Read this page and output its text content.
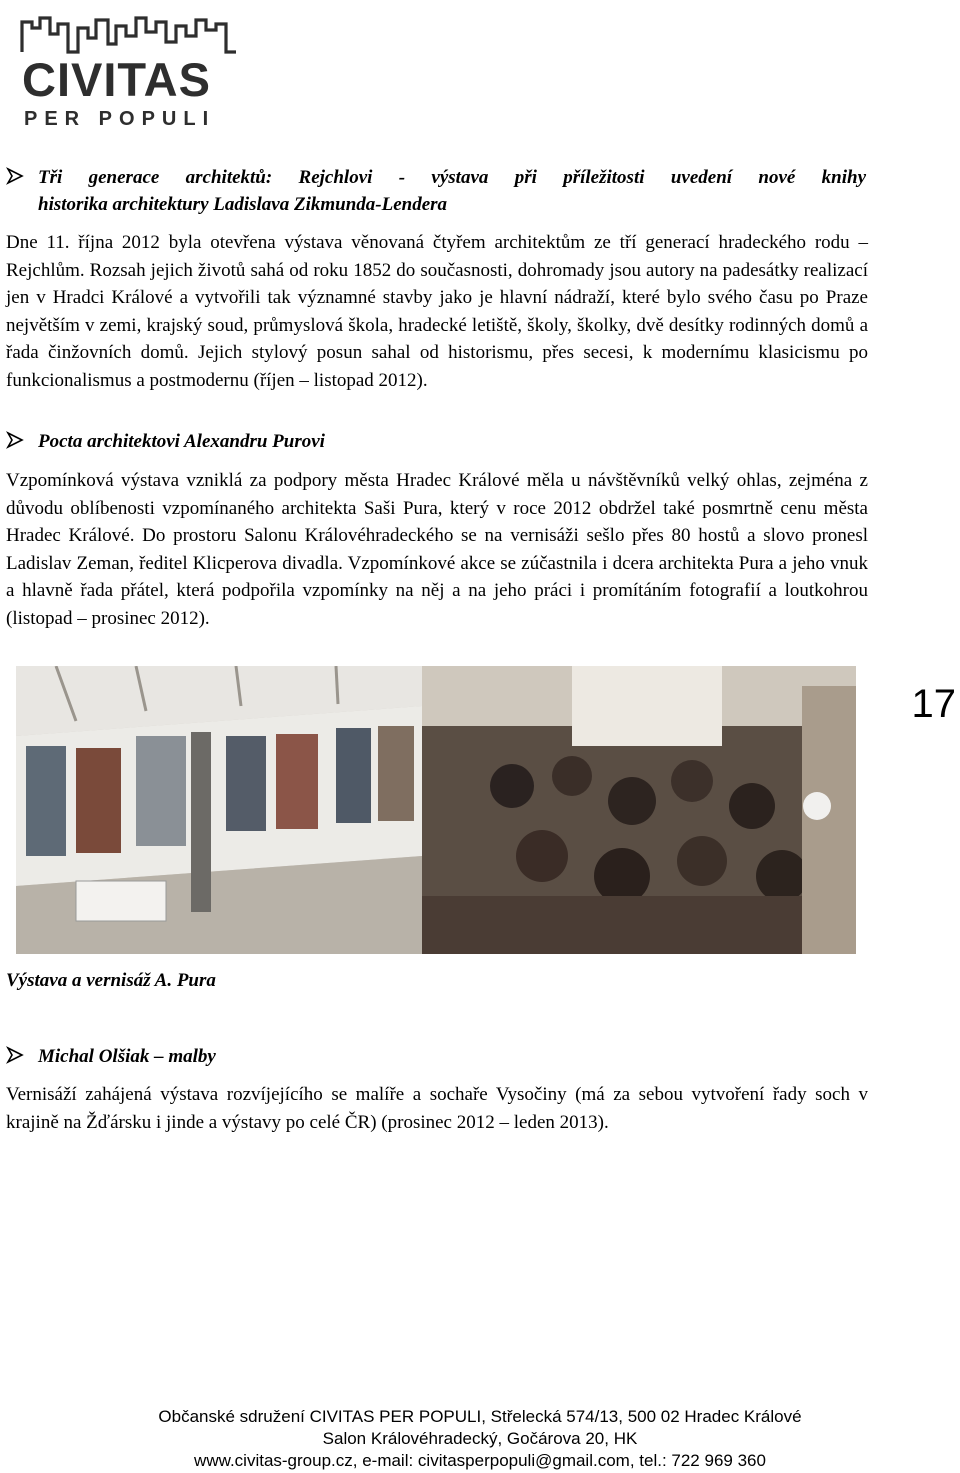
CIVITAS
PER POPULI
Tři generace architektů: Rejchlovi - výstava při příležitosti uvedení nové knihy
historika architektury Ladislava Zikmunda-Lendera
Dne 11. října 2012 byla otevřena výstava věnovaná čtyřem architektům ze tří generací hradeckého rodu – Rejchlům. Rozsah jejich životů sahá od roku 1852 do současnosti, dohromady jsou autory na padesátky realizací jen v Hradci Králové a vytvořili tak významné stavby jako je hlavní nádraží, které bylo svého času po Praze největším v zemi, krajský soud, průmyslová škola, hradecké letiště, školy, školky, dvě desítky rodinných domů a řada činžovních domů. Jejich stylový posun sahal od historismu, přes secesi, k modernímu klasicismu po funkcionalismus a postmodernu (říjen – listopad 2012).
Pocta architektovi Alexandru Purovi
Vzpomínková výstava vzniklá za podpory města Hradec Králové měla u návštěvníků velký ohlas, zejména z důvodu oblíbenosti vzpomínaného architekta Saši Pura, který v roce 2012 obdržel také posmrtně cenu města Hradec Králové. Do prostoru Salonu Královéhradeckého se na vernisáži sešlo přes 80 hostů a slovo pronesl Ladislav Zeman, ředitel Klicperova divadla. Vzpomínkové akce se zúčastnila i dcera architekta Pura a jeho vnuk a hlavně řada přátel, která podpořila vzpomínky na něj a na jeho práci i promítáním fotografií a loutkohrou (listopad – prosinec 2012).
17
Výstava a vernisáž A. Pura
Michal Olšiak – malby
Vernisáží zahájená výstava rozvíjejícího se malíře a sochaře Vysočiny (má za sebou vytvoření řady soch v krajině na Žďársku i jinde a výstavy po celé ČR) (prosinec 2012 – leden 2013).
Občanské sdružení CIVITAS PER POPULI, Střelecká 574/13, 500 02 Hradec Králové
Salon Královéhradecký, Gočárova 20, HK
www.civitas-group.cz, e-mail: civitasperpopuli@gmail.com, tel.: 722 969 360
